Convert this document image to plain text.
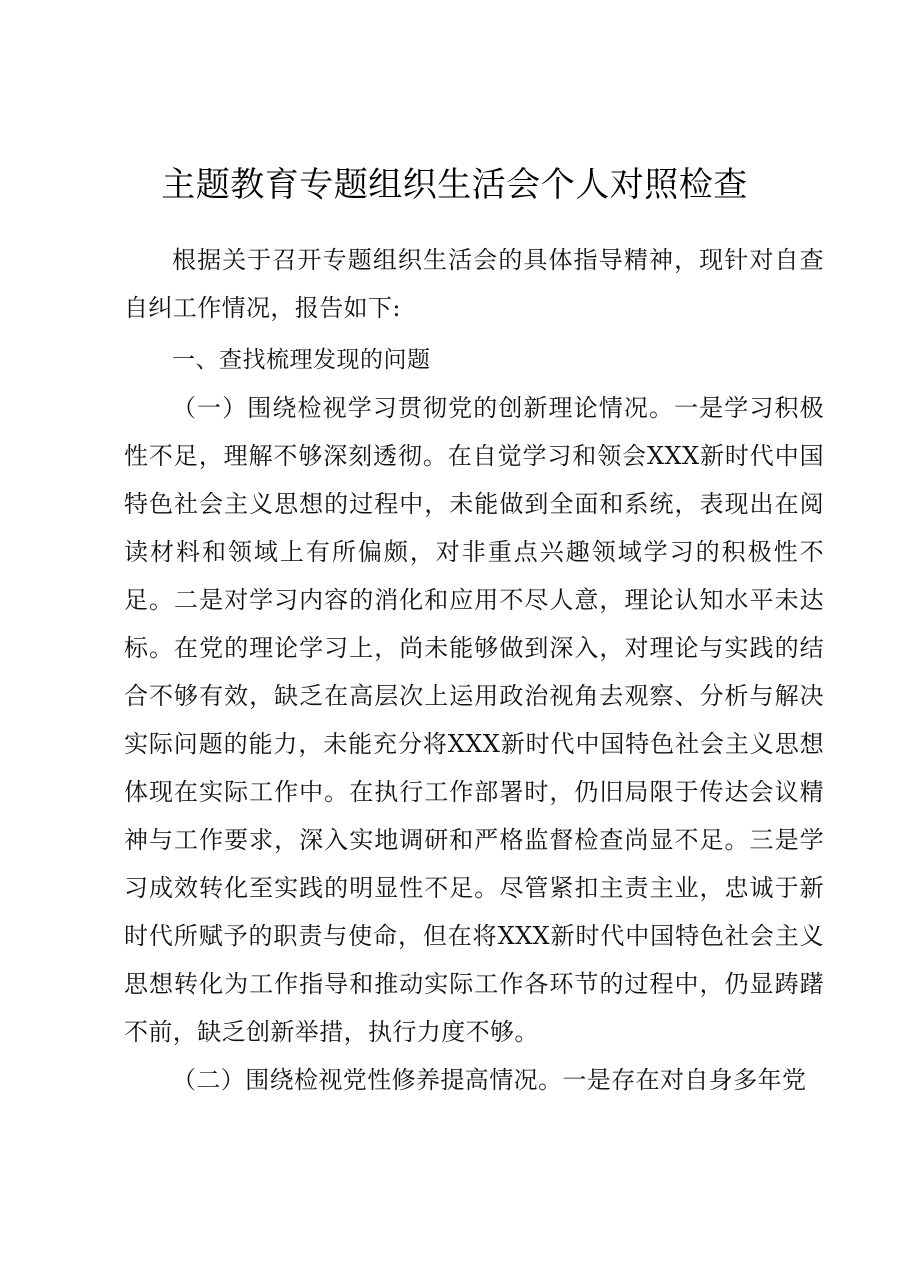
主题教育专题组织生活会个人对照检查

根据关于召开专题组织生活会的具体指导精神，现针对自查自纠工作情况，报告如下:

一、查找梳理发现的问题

（一）围绕检视学习贯彻党的创新理论情况。一是学习积极性不足，理解不够深刻透彻。在自觉学习和领会XXX新时代中国特色社会主义思想的过程中，未能做到全面和系统，表现出在阅读材料和领域上有所偏颇，对非重点兴趣领域学习的积极性不足。二是对学习内容的消化和应用不尽人意，理论认知水平未达标。在党的理论学习上，尚未能够做到深入，对理论与实践的结合不够有效，缺乏在高层次上运用政治视角去观察、分析与解决实际问题的能力，未能充分将XXX新时代中国特色社会主义思想体现在实际工作中。在执行工作部署时，仍旧局限于传达会议精神与工作要求，深入实地调研和严格监督检查尚显不足。三是学习成效转化至实践的明显性不足。尽管紧扣主责主业，忠诚于新时代所赋予的职责与使命，但在将XXX新时代中国特色社会主义思想转化为工作指导和推动实际工作各环节的过程中，仍显踌躇不前，缺乏创新举措，执行力度不够。

（二）围绕检视党性修养提高情况。一是存在对自身多年党
